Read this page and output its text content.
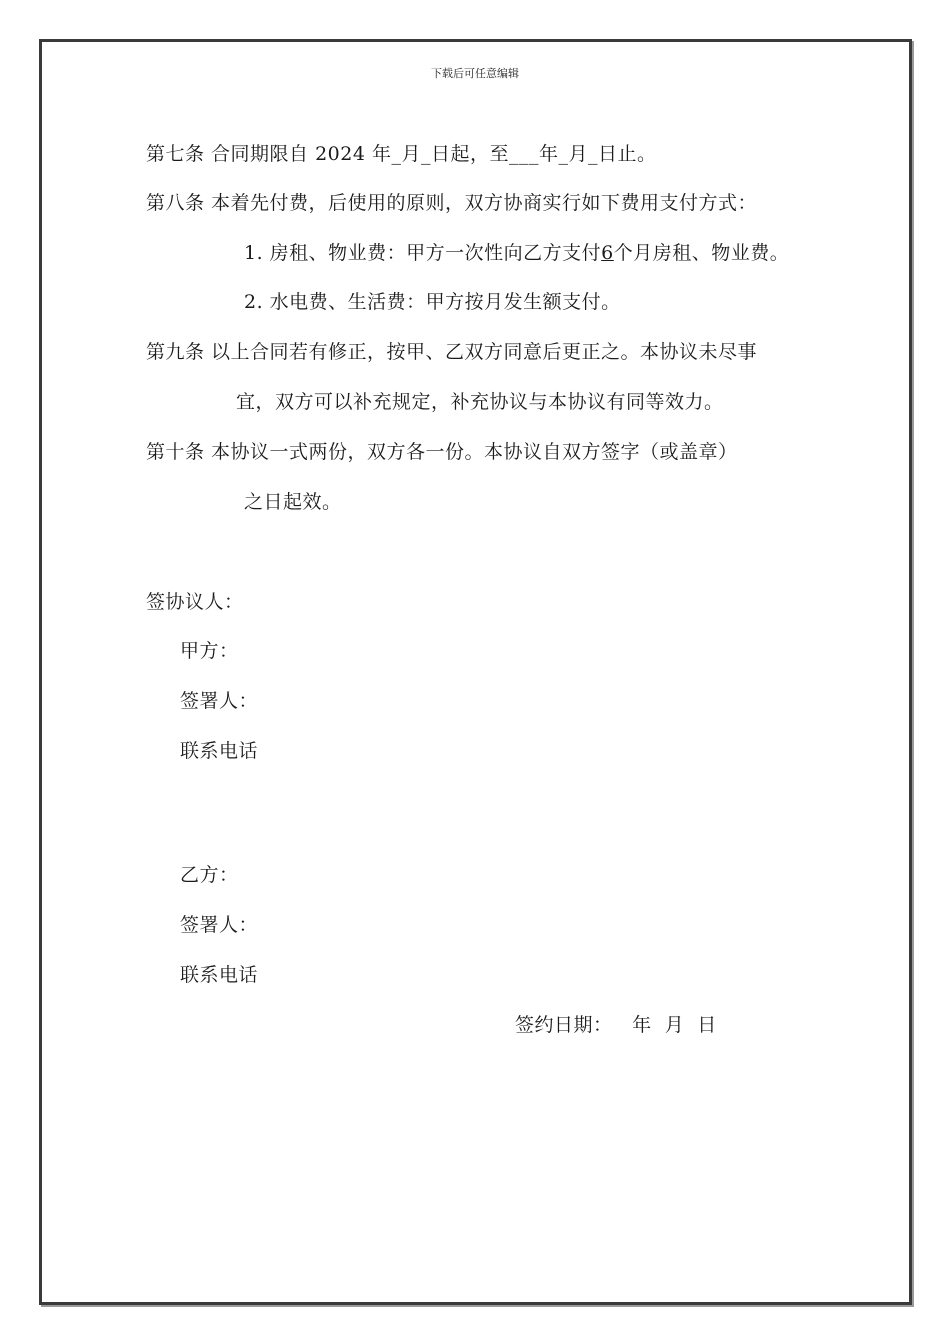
下载后可任意编辑
第七条 合同期限自 2024 年_月_日起，至___年_月_日止。
第八条 本着先付费，后使用的原则，双方协商实行如下费用支付方式：
1. 房租、物业费：甲方一次性向乙方支付6个月房租、物业费。
2. 水电费、生活费：甲方按月发生额支付。
第九条 以上合同若有修正，按甲、乙双方同意后更正之。本协议未尽事
宜，双方可以补充规定，补充协议与本协议有同等效力。
第十条 本协议一式两份，双方各一份。本协议自双方签字（或盖章）
之日起效。
签协议人：
甲方：
签署人：
联系电话
乙方：
签署人：
联系电话
签约日期：   年  月  日
